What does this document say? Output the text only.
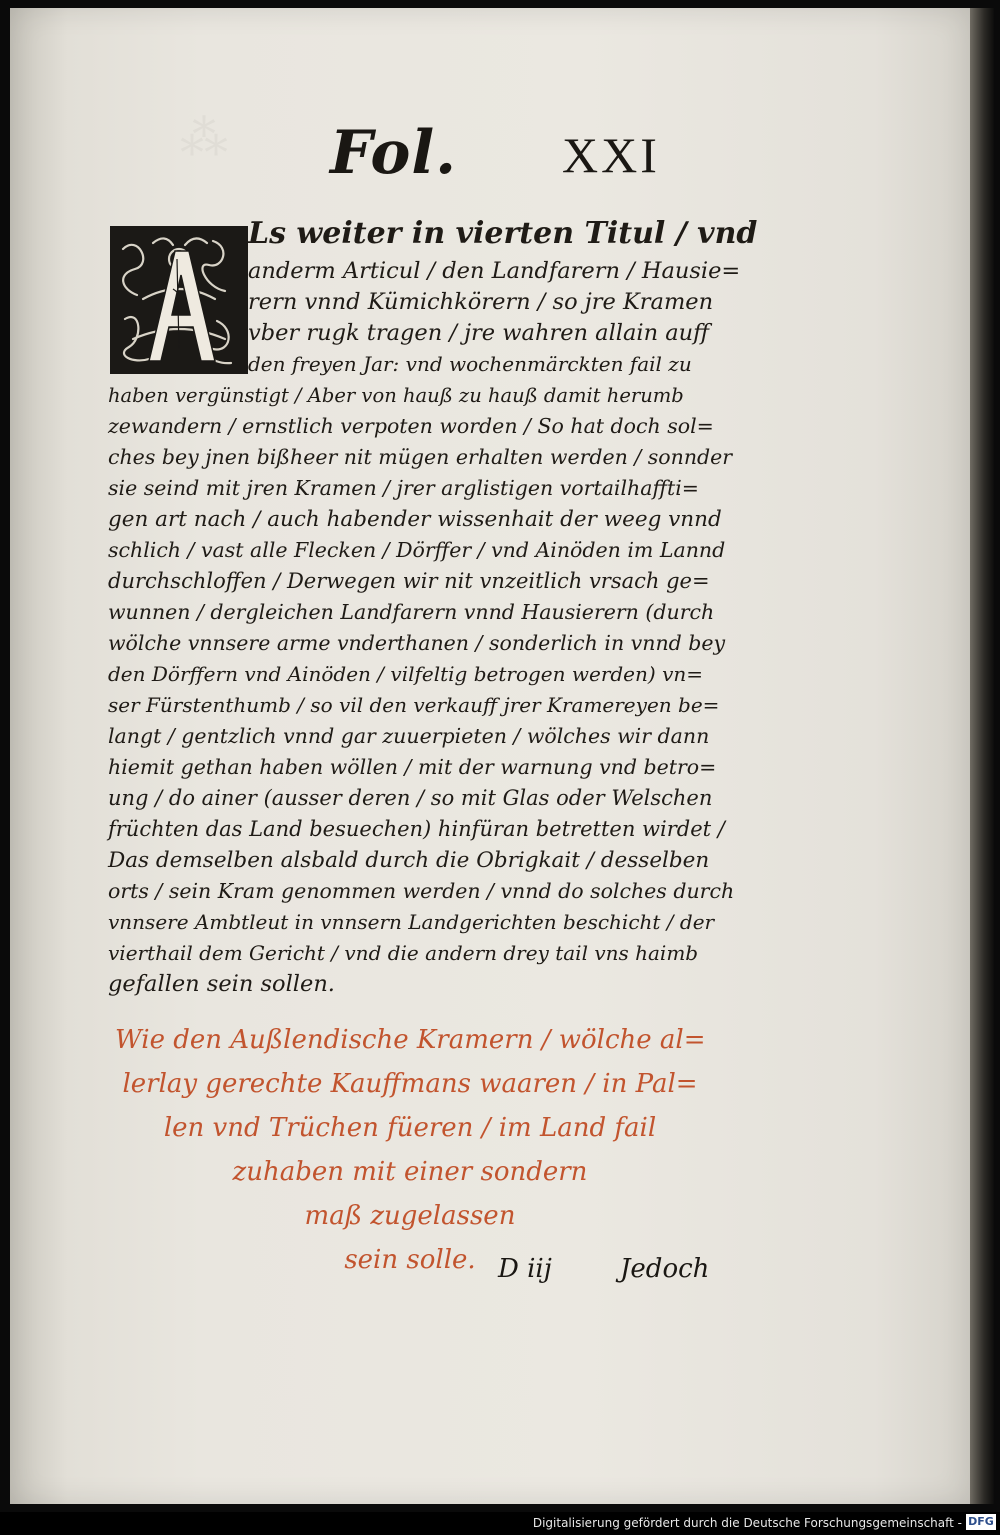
⁂ Fol. XXI
Ls weiter in vierten Titul / vnd
anderm Articul / den Landfarern / Hausie=
rern vnnd Kümichkörern / so jre Kramen
vber rugk tragen / jre wahren allain auff
den freyen Jar: vnd wochenmärckten fail zu
haben vergünstigt / Aber von hauß zu hauß damit herumb
zewandern / ernstlich verpoten worden / So hat doch sol=
ches bey jnen bißheer nit mügen erhalten werden / sonnder
sie seind mit jren Kramen / jrer arglistigen vortailhaffti=
gen art nach / auch habender wissenhait der weeg vnnd
schlich / vast alle Flecken / Dörffer / vnd Ainöden im Lannd
durchschloffen / Derwegen wir nit vnzeitlich vrsach ge=
wunnen / dergleichen Landfarern vnnd Hausierern (durch
wölche vnnsere arme vnderthanen / sonderlich in vnnd bey
den Dörffern vnd Ainöden / vilfeltig betrogen werden) vn=
ser Fürstenthumb / so vil den verkauff jrer Kramereyen be=
langt / gentzlich vnnd gar zuuerpieten / wölches wir dann
hiemit gethan haben wöllen / mit der warnung vnd betro=
ung / do ainer (ausser deren / so mit Glas oder Welschen
früchten das Land besuechen) hinfüran betretten wirdet /
Das demselben alsbald durch die Obrigkait / desselben
orts / sein Kram genommen werden / vnnd do solches durch
vnnsere Ambtleut in vnnsern Landgerichten beschicht / der
vierthail dem Gericht / vnd die andern drey tail vns haimb
gefallen sein sollen.
Wie den Außlendische Kramern / wölche al=
lerlay gerechte Kauffmans waaren / in Pal=
len vnd Trüchen füeren / im Land fail
zuhaben mit einer sondern
maß zugelassen
sein solle. D iij	Jedoch
Digitalisierung gefördert durch die Deutsche Forschungsgemeinschaft - DFG
